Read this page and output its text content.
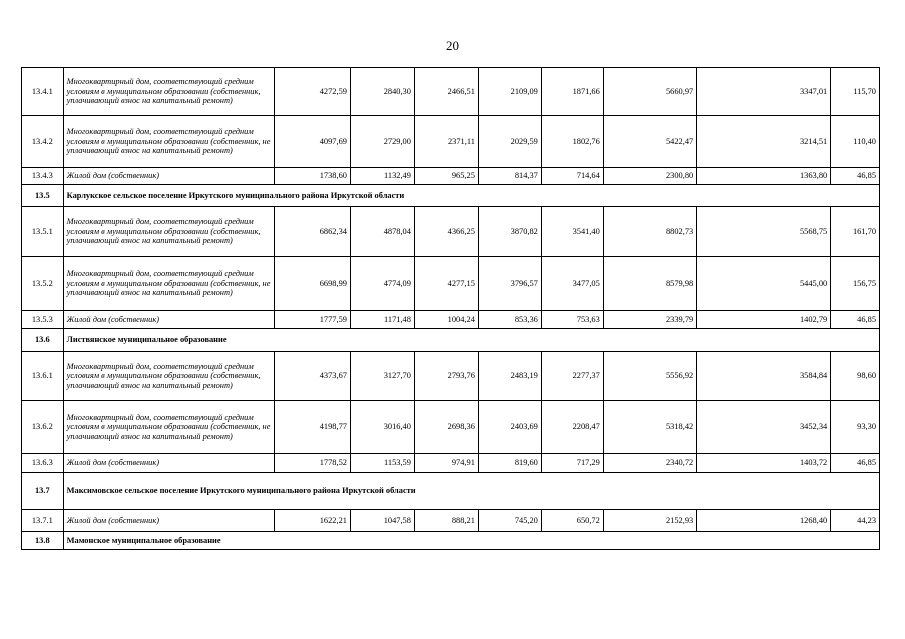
20
13.4.1	Многоквартирный дом, соответствующий средним условиям в муниципальном образовании (собственник, уплачивающий взнос на капитальный ремонт)	4272,59	2840,30	2466,51	2109,09	1871,66	5660,97	3347,01	115,70
13.4.2	Многоквартирный дом, соответствующий средним условиям в муниципальном образовании (собственник, не уплачивающий взнос на капитальный ремонт)	4097,69	2729,00	2371,11	2029,59	1802,76	5422,47	3214,51	110,40
13.4.3	Жилой дом (собственник)	1738,60	1132,49	965,25	814,37	714,64	2300,80	1363,80	46,85
13.5	Карлукское сельское поселение Иркутского муниципального района Иркутской области								
13.5.1	Многоквартирный дом, соответствующий средним условиям в муниципальном образовании (собственник, уплачивающий взнос на капитальный ремонт)	6862,34	4878,04	4366,25	3870,82	3541,40	8802,73	5568,75	161,70
13.5.2	Многоквартирный дом, соответствующий средним условиям в муниципальном образовании (собственник, не уплачивающий взнос на капитальный ремонт)	6698,99	4774,09	4277,15	3796,57	3477,05	8579,98	5445,00	156,75
13.5.3	Жилой дом (собственник)	1777,59	1171,48	1004,24	853,36	753,63	2339,79	1402,79	46,85
13.6	Листвянское муниципальное образование								
13.6.1	Многоквартирный дом, соответствующий средним условиям в муниципальном образовании (собственник, уплачивающий взнос на капитальный ремонт)	4373,67	3127,70	2793,76	2483,19	2277,37	5556,92	3584,84	98,60
13.6.2	Многоквартирный дом, соответствующий средним условиям в муниципальном образовании (собственник, не уплачивающий взнос на капитальный ремонт)	4198,77	3016,40	2698,36	2403,69	2208,47	5318,42	3452,34	93,30
13.6.3	Жилой дом (собственник)	1778,52	1153,59	974,91	819,60	717,29	2340,72	1403,72	46,85
13.7	Максимовское сельское поселение Иркутского муниципального района Иркутской области								
13.7.1	Жилой дом (собственник)	1622,21	1047,58	888,21	745,20	650,72	2152,93	1268,40	44,23
13.8	Мамонское муниципальное образование								
